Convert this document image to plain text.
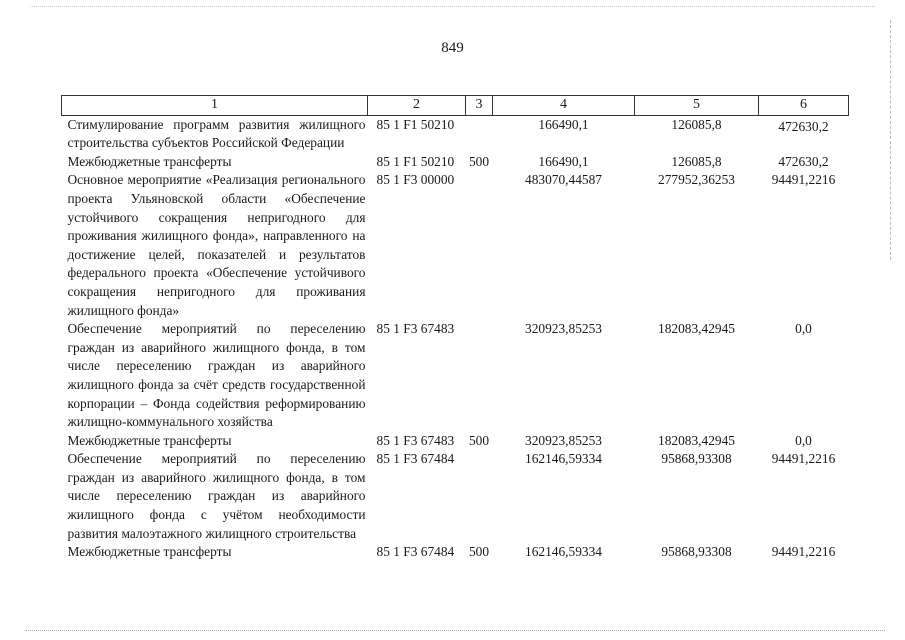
849
1	2	3	4	5	6
Стимулирование программ развития жилищного строительства субъектов Российской Федерации	85 1 F1 50210		166490,1	126085,8	472630,2
Межбюджетные трансферты	85 1 F1 50210	500	166490,1	126085,8	472630,2
Основное мероприятие «Реализация регионального проекта Ульяновской области «Обеспечение устойчивого сокращения непригодного для проживания жилищного фонда», направленного на достижение целей, показателей и результатов федерального проекта «Обеспечение устойчивого сокращения непригодного для проживания жилищного фонда»	85 1 F3 00000		483070,44587	277952,36253	94491,2216
Обеспечение мероприятий по переселению граждан из аварийного жилищного фонда, в том числе переселению граждан из аварийного жилищного фонда за счёт средств государственной корпорации – Фонда содействия реформированию жилищно-коммунального хозяйства	85 1 F3 67483		320923,85253	182083,42945	0,0
Межбюджетные трансферты	85 1 F3 67483	500	320923,85253	182083,42945	0,0
Обеспечение мероприятий по переселению граждан из аварийного жилищного фонда, в том числе переселению граждан из аварийного жилищного фонда с учётом необходимости развития малоэтажного жилищного строительства	85 1 F3 67484		162146,59334	95868,93308	94491,2216
Межбюджетные трансферты	85 1 F3 67484	500	162146,59334	95868,93308	94491,2216
